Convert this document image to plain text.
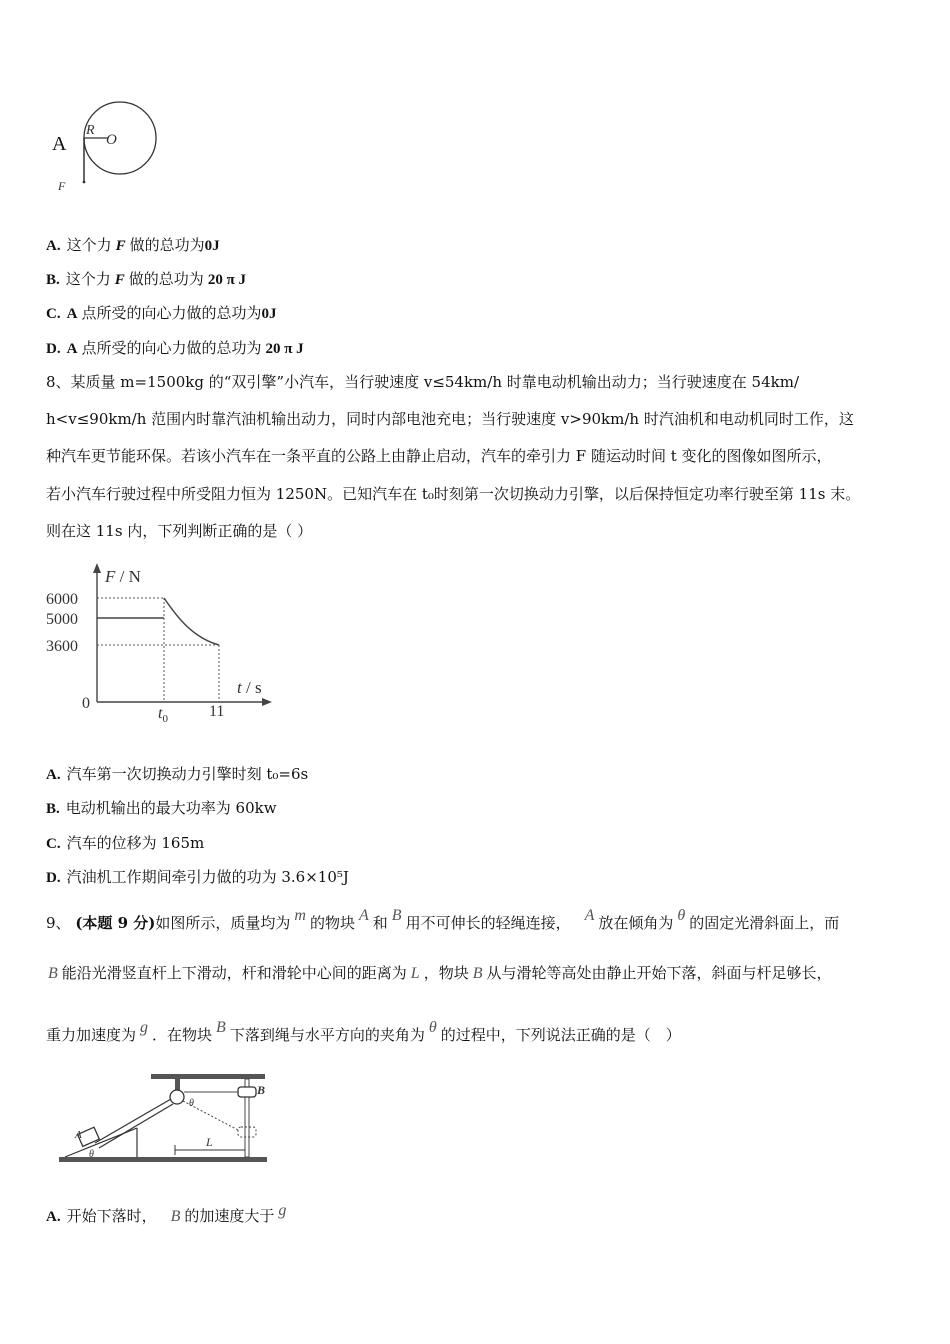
A
R
O
F
A. 这个力 F 做的总功为0J
B. 这个力 F 做的总功为 20 π J
C. A 点所受的向心力做的总功为0J
D. A 点所受的向心力做的总功为 20 π J
8、某质量 m=1500kg 的“双引擎”小汽车，当行驶速度 v≤54km/h 时靠电动机输出动力；当行驶速度在 54km/
h<v≤90km/h 范围内时靠汽油机输出动力，同时内部电池充电；当行驶速度 v>90km/h 时汽油机和电动机同时工作，这
种汽车更节能环保。若该小汽车在一条平直的公路上由静止启动，汽车的牵引力 F 随运动时间 t 变化的图像如图所示，
若小汽车行驶过程中所受阻力恒为 1250N。已知汽车在 t₀时刻第一次切换动力引擎，以后保持恒定功率行驶至第 11s 末。
则在这 11s 内，下列判断正确的是（ ）
F / N
6000
5000
3600
0
t / s
$t_0$	11
A. 汽车第一次切换动力引擎时刻 t₀=6s
B. 电动机输出的最大功率为 60kw
C. 汽车的位移为 165m
D. 汽油机工作期间牵引力做的功为 3.6×10⁵J
9、 (本题 9 分)如图所示，质量均为 m 的物块 A 和 B 用不可伸长的轻绳连接， A 放在倾角为 θ 的固定光滑斜面上，而
B 能沿光滑竖直杆上下滑动，杆和滑轮中心间的距离为 L ，物块 B 从与滑轮等高处由静止开始下落，斜面与杆足够长，
重力加速度为 g ．在物块 B 下落到绳与水平方向的夹角为 θ 的过程中，下列说法正确的是（　）
A
B
θ
θ
L
A. 开始下落时， B 的加速度大于 g
